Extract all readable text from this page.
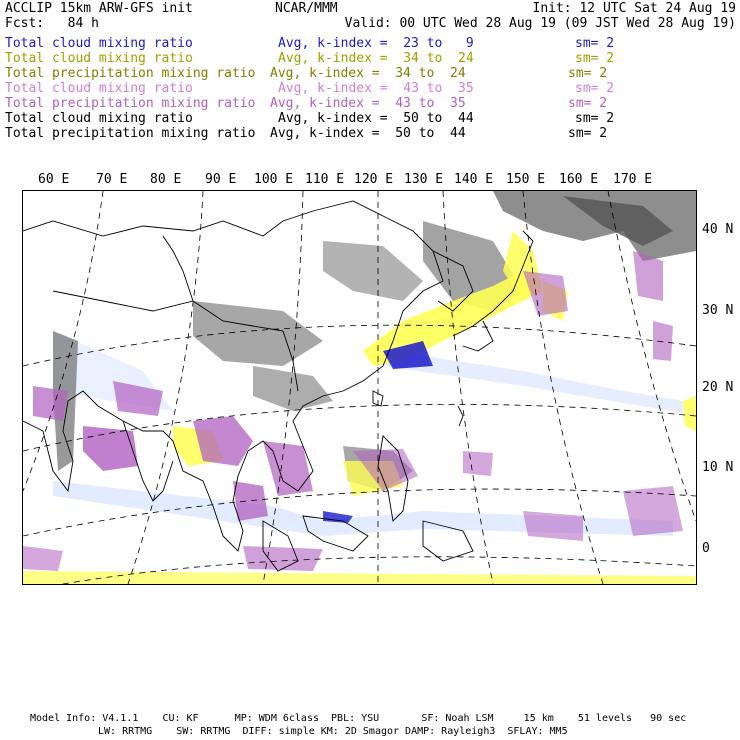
ACCLIP 15km ARW-GFS init	NCAR/MMM	Init: 12 UTC Sat 24 Aug 19
Fcst:   84 h	Valid: 00 UTC Wed 28 Aug 19 (09 JST Wed 28 Aug 19)
Total cloud mixing ratio	Avg, k-index =  23 to   9	sm= 2
Total cloud mixing ratio	Avg, k-index =  34 to  24	sm= 2
Total precipitation mixing ratio Avg, k-index =  34 to  24	sm= 2
Total cloud mixing ratio	Avg, k-index =  43 to  35	sm= 2
Total precipitation mixing ratio Avg, k-index =  43 to  35	sm= 2
Total cloud mixing ratio	Avg, k-index =  50 to  44	sm= 2
Total precipitation mixing ratio Avg, k-index =  50 to  44	sm= 2
60 E 70 E 80 E 90 E 100 E 110 E 120 E 130 E 140 E 150 E 160 E 170 E
40 N
30 N
20 N
10 N
0
Model Info: V4.1.1    CU: KF      MP: WDM 6class  PBL: YSU       SF: Noah LSM     15 km    51 levels   90 sec
LW: RRTMG    SW: RRTMG  DIFF: simple KM: 2D Smagor DAMP: Rayleigh3  SFLAY: MM5
